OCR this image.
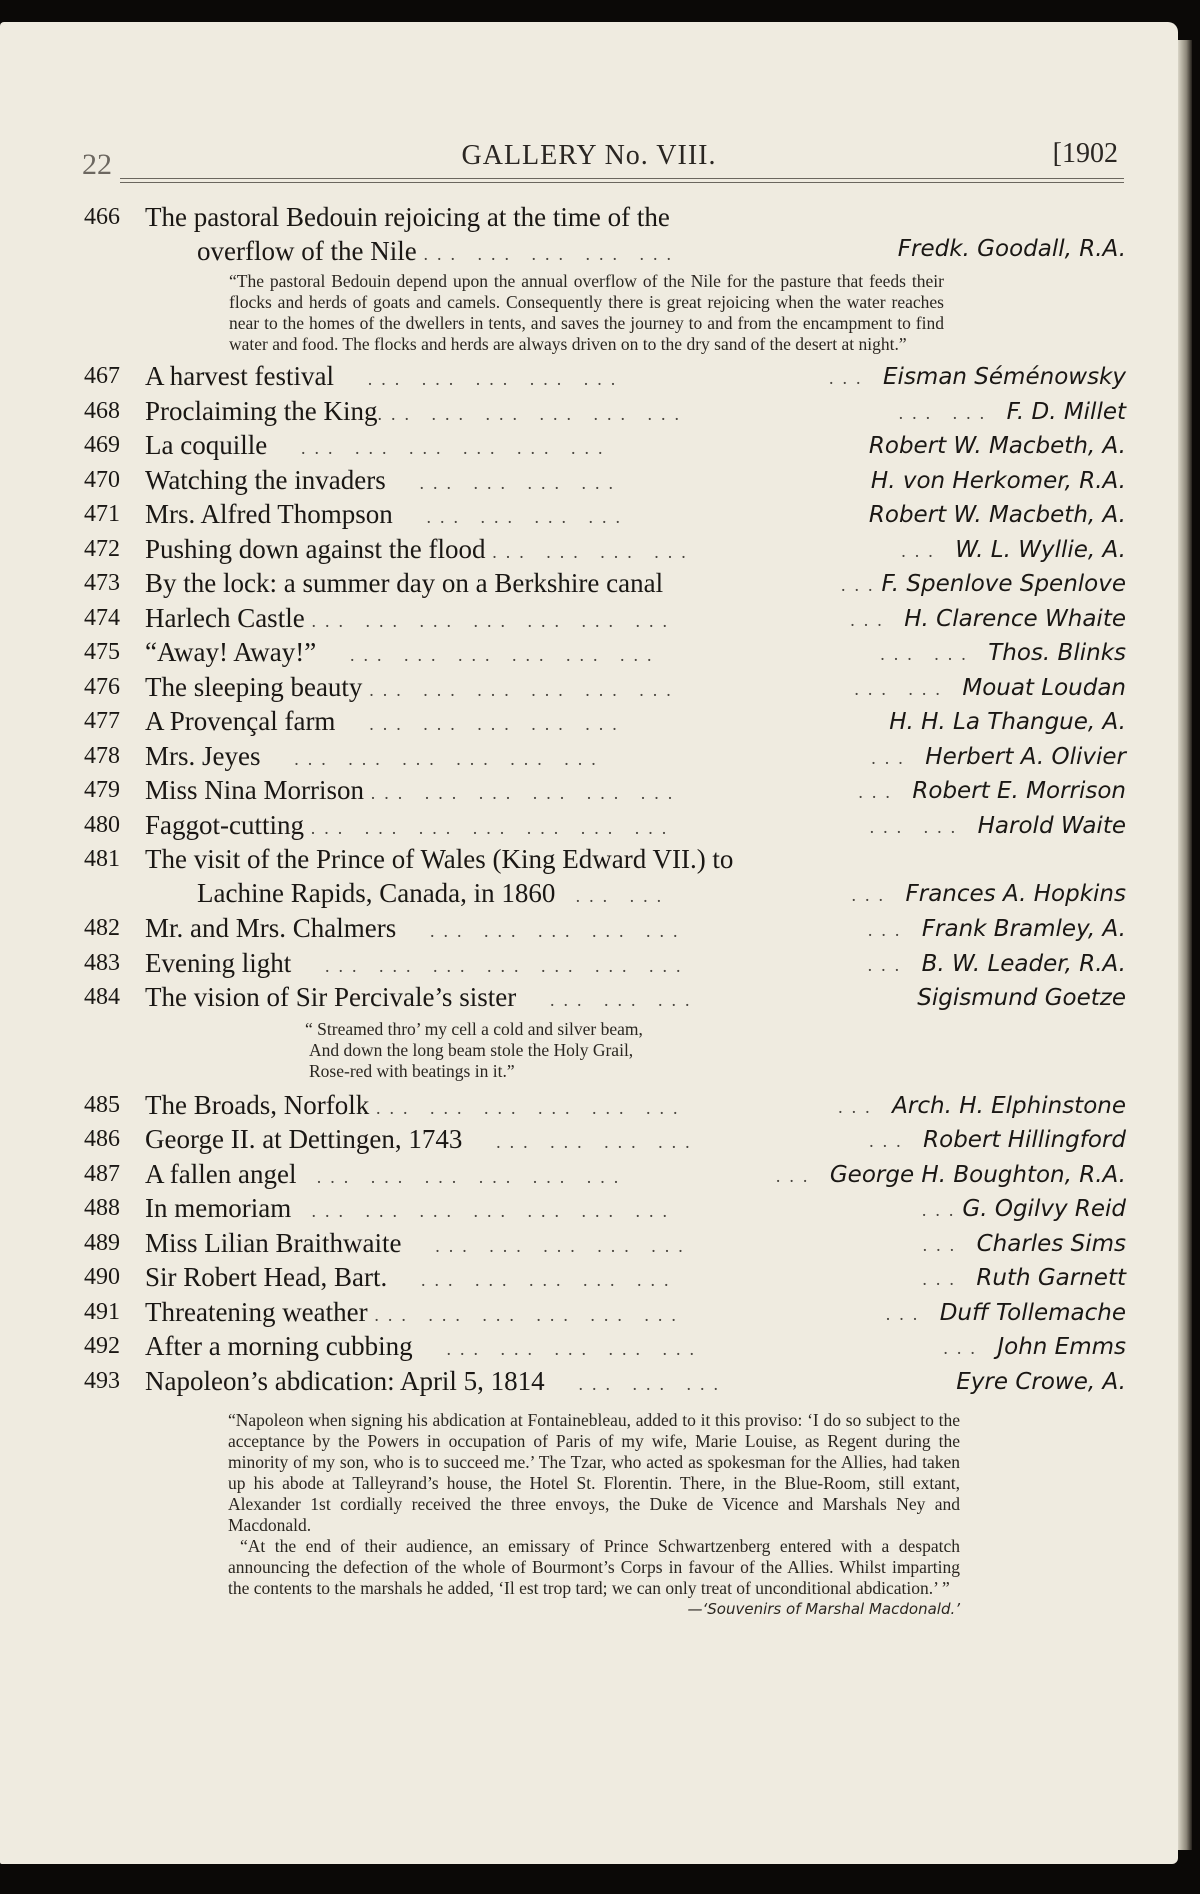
22	GALLERY No. VIII.	[1902
466 The pastoral Bedouin rejoicing at the time of the
overflow of the Nile ... ... ... ... ...	Fredk. Goodall, R.A.
“The pastoral Bedouin depend upon the annual overflow of the Nile for the pasture that feeds their flocks and herds of goats and camels. Consequently there is great rejoicing when the water reaches near to the homes of the dwellers in tents, and saves the journey to and from the encampment to find water and food. The flocks and herds are always driven on to the dry sand of the desert at night.”
467 A harvest festival   ... ... ... ... ...	... Eisman Séménowsky
468 Proclaiming the King... ... ... ... ... ...	... ... F. D. Millet
469 La coquille   ... ... ... ... ... ...	Robert W. Macbeth, A.
470 Watching the invaders   ... ... ... ...	H. von Herkomer, R.A.
471 Mrs. Alfred Thompson   ... ... ... ...	Robert W. Macbeth, A.
472 Pushing down against the flood ... ... ... ...	... W. L. Wyllie, A.
473 By the lock: a summer day on a Berkshire canal	...F. Spenlove Spenlove
474 Harlech Castle ... ... ... ... ... ... ...	... H. Clarence Whaite
475 “Away! Away!”   ... ... ... ... ... ...	... ... Thos. Blinks
476 The sleeping beauty ... ... ... ... ... ...	... ... Mouat Loudan
477 A Provençal farm   ... ... ... ... ...	H. H. La Thangue, A.
478 Mrs. Jeyes   ... ... ... ... ... ...	... Herbert A. Olivier
479 Miss Nina Morrison ... ... ... ... ... ...	... Robert E. Morrison
480 Faggot-cutting ... ... ... ... ... ... ...	... ... Harold Waite
481 The visit of the Prince of Wales (King Edward VII.) to
Lachine Rapids, Canada, in 1860  ... ...	... Frances A. Hopkins
482 Mr. and Mrs. Chalmers   ... ... ... ... ...	... Frank Bramley, A.
483 Evening light   ... ... ... ... ... ... ...	... B. W. Leader, R.A.
484 The vision of Sir Percivale’s sister   ... ... ...	Sigismund Goetze

“ Streamed thro’ my cell a cold and silver beam,

And down the long beam stole the Holy Grail,

Rose-red with beatings in it.”

485 The Broads, Norfolk ... ... ... ... ... ...	... Arch. H. Elphinstone
486 George II. at Dettingen, 1743   ... ... ... ...	... Robert Hillingford
487 A fallen angel  ... ... ... ... ... ...	... George H. Boughton, R.A.
488 In memoriam  ... ... ... ... ... ... ...	...G. Ogilvy Reid
489 Miss Lilian Braithwaite   ... ... ... ... ...	... Charles Sims
490 Sir Robert Head, Bart.   ... ... ... ... ...	... Ruth Garnett
491 Threatening weather ... ... ... ... ... ...	... Duff Tollemache
492 After a morning cubbing   ... ... ... ... ...	... John Emms
493 Napoleon’s abdication: April 5, 1814   ... ... ...	Eyre Crowe, A.

“Napoleon when signing his abdication at Fontainebleau, added to it this proviso: ‘I do so subject to the acceptance by the Powers in occupation of Paris of my wife, Marie Louise, as Regent during the minority of my son, who is to succeed me.’ The Tzar, who acted as spokesman for the Allies, had taken up his abode at Talleyrand’s house, the Hotel St. Florentin. There, in the Blue-Room, still extant, Alexander 1st cordially received the three envoys, the Duke de Vicence and Marshals Ney and Macdonald.

“At the end of their audience, an emissary of Prince Schwartzenberg entered with a despatch announcing the defection of the whole of Bourmont’s Corps in favour of the Allies. Whilst imparting the contents to the marshals he added, ‘Il est trop tard; we can only treat of unconditional abdication.’ ”

—‘Souvenirs of Marshal Macdonald.’
